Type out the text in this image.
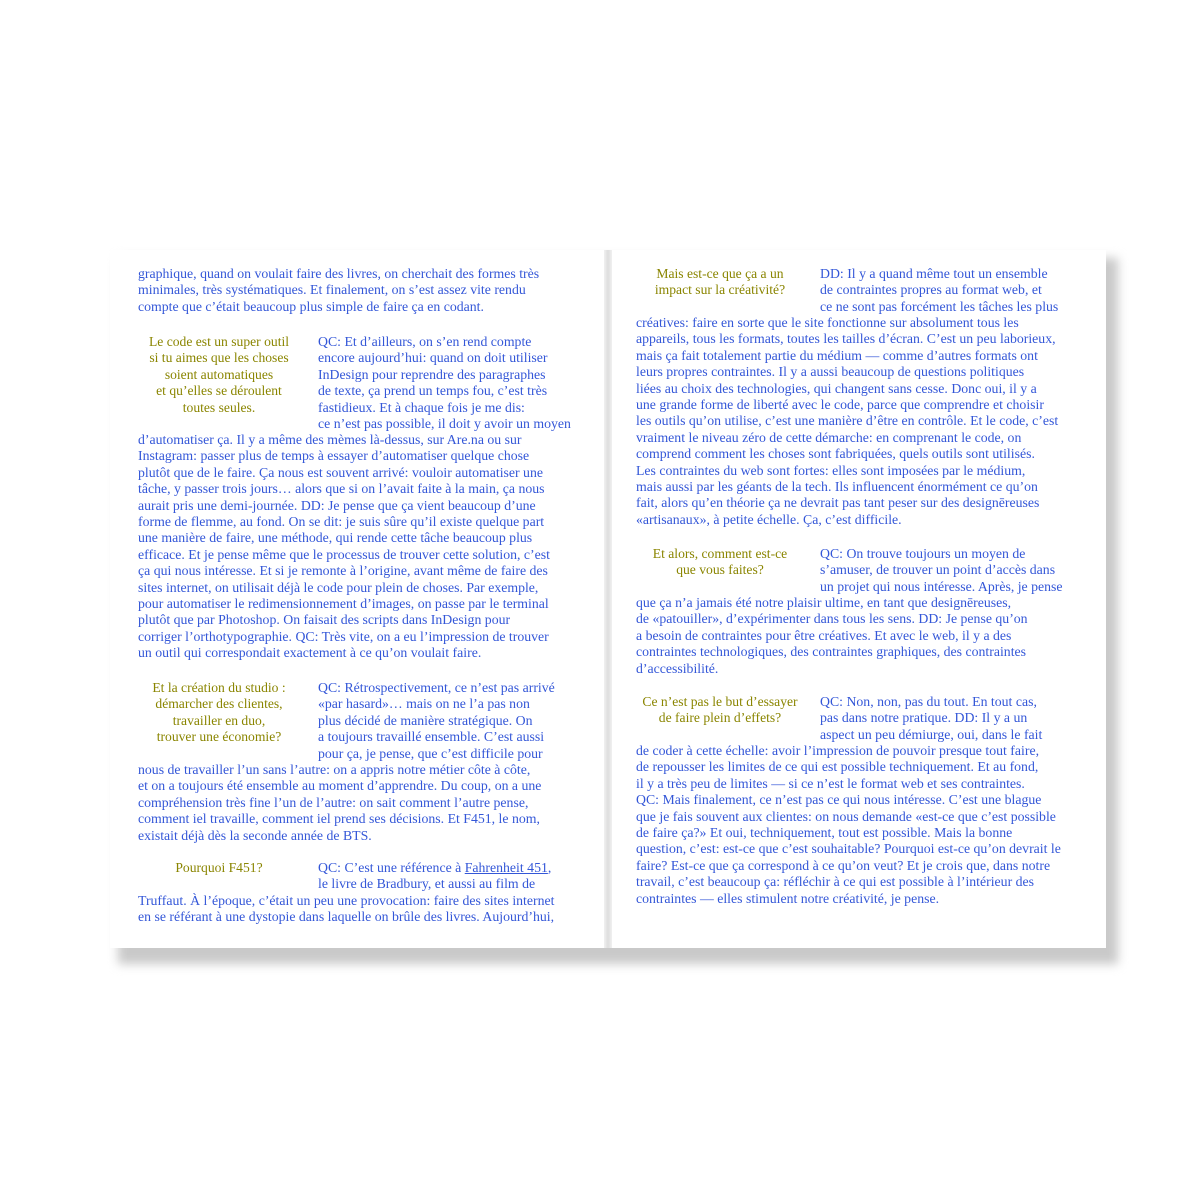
graphique, quand on voulait faire des livres, on cherchait des formes très
minimales, très systématiques. Et finalement, on s’est assez vite rendu
compte que c’était beaucoup plus simple de faire ça en codant.

Le code est un super outil
si tu aimes que les choses
soient automatiques
et qu’elles se déroulent
toutes seules.

QC: Et d’ailleurs, on s’en rend compte
encore aujourd’hui: quand on doit utiliser
InDesign pour reprendre des paragraphes
de texte, ça prend un temps fou, c’est très
fastidieux. Et à chaque fois je me dis:
ce n’est pas possible, il doit y avoir un moyen

d’automatiser ça. Il y a même des mèmes là-dessus, sur Are.na ou sur
Instagram: passer plus de temps à essayer d’automatiser quelque chose
plutôt que de le faire. Ça nous est souvent arrivé: vouloir automatiser une
tâche, y passer trois jours… alors que si on l’avait faite à la main, ça nous
aurait pris une demi-journée. DD: Je pense que ça vient beaucoup d’une
forme de flemme, au fond. On se dit: je suis sûre qu’il existe quelque part
une manière de faire, une méthode, qui rende cette tâche beaucoup plus
efficace. Et je pense même que le processus de trouver cette solution, c’est
ça qui nous intéresse. Et si je remonte à l’origine, avant même de faire des
sites internet, on utilisait déjà le code pour plein de choses. Par exemple,
pour automatiser le redimensionnement d’images, on passe par le terminal
plutôt que par Photoshop. On faisait des scripts dans InDesign pour
corriger l’orthotypographie. QC: Très vite, on a eu l’impression de trouver
un outil qui correspondait exactement à ce qu’on voulait faire.

Et la création du studio :
démarcher des clientes,
travailler en duo,
trouver une économie?

QC: Rétrospectivement, ce n’est pas arrivé
«par hasard»… mais on ne l’a pas non
plus décidé de manière stratégique. On
a toujours travaillé ensemble. C’est aussi
pour ça, je pense, que c’est difficile pour

nous de travailler l’un sans l’autre: on a appris notre métier côte à côte,
et on a toujours été ensemble au moment d’apprendre. Du coup, on a une
compréhension très fine l’un de l’autre: on sait comment l’autre pense,
comment iel travaille, comment iel prend ses décisions. Et F451, le nom,
existait déjà dès la seconde année de BTS.

Pourquoi F451?	QC: C’est une référence à Fahrenheit 451,
le livre de Bradbury, et aussi au film de

Truffaut. À l’époque, c’était un peu une provocation: faire des sites internet
en se référant à une dystopie dans laquelle on brûle des livres. Aujourd’hui,

Mais est-ce que ça a un
impact sur la créativité?

DD: Il y a quand même tout un ensemble
de contraintes propres au format web, et
ce ne sont pas forcément les tâches les plus

créatives: faire en sorte que le site fonctionne sur absolument tous les
appareils, tous les formats, toutes les tailles d’écran. C’est un peu laborieux,
mais ça fait totalement partie du médium — comme d’autres formats ont
leurs propres contraintes. Il y a aussi beaucoup de questions politiques
liées au choix des technologies, qui changent sans cesse. Donc oui, il y a
une grande forme de liberté avec le code, parce que comprendre et choisir
les outils qu’on utilise, c’est une manière d’être en contrôle. Et le code, c’est
vraiment le niveau zéro de cette démarche: en comprenant le code, on
comprend comment les choses sont fabriquées, quels outils sont utilisés.
Les contraintes du web sont fortes: elles sont imposées par le médium,
mais aussi par les géants de la tech. Ils influencent énormément ce qu’on
fait, alors qu’en théorie ça ne devrait pas tant peser sur des designēreuses
«artisanaux», à petite échelle. Ça, c’est difficile.

Et alors, comment est-ce
que vous faites?

QC: On trouve toujours un moyen de
s’amuser, de trouver un point d’accès dans
un projet qui nous intéresse. Après, je pense

que ça n’a jamais été notre plaisir ultime, en tant que designēreuses,
de «patouiller», d’expérimenter dans tous les sens. DD: Je pense qu’on
a besoin de contraintes pour être créatives. Et avec le web, il y a des
contraintes technologiques, des contraintes graphiques, des contraintes
d’accessibilité.

Ce n’est pas le but d’essayer
de faire plein d’effets?

QC: Non, non, pas du tout. En tout cas,
pas dans notre pratique. DD: Il y a un
aspect un peu démiurge, oui, dans le fait

de coder à cette échelle: avoir l’impression de pouvoir presque tout faire,
de repousser les limites de ce qui est possible techniquement. Et au fond,
il y a très peu de limites — si ce n’est le format web et ses contraintes.
QC: Mais finalement, ce n’est pas ce qui nous intéresse. C’est une blague
que je fais souvent aux clientes: on nous demande «est-ce que c’est possible
de faire ça?» Et oui, techniquement, tout est possible. Mais la bonne
question, c’est: est-ce que c’est souhaitable? Pourquoi est-ce qu’on devrait le
faire? Est-ce que ça correspond à ce qu’on veut? Et je crois que, dans notre
travail, c’est beaucoup ça: réfléchir à ce qui est possible à l’intérieur des
contraintes — elles stimulent notre créativité, je pense.
